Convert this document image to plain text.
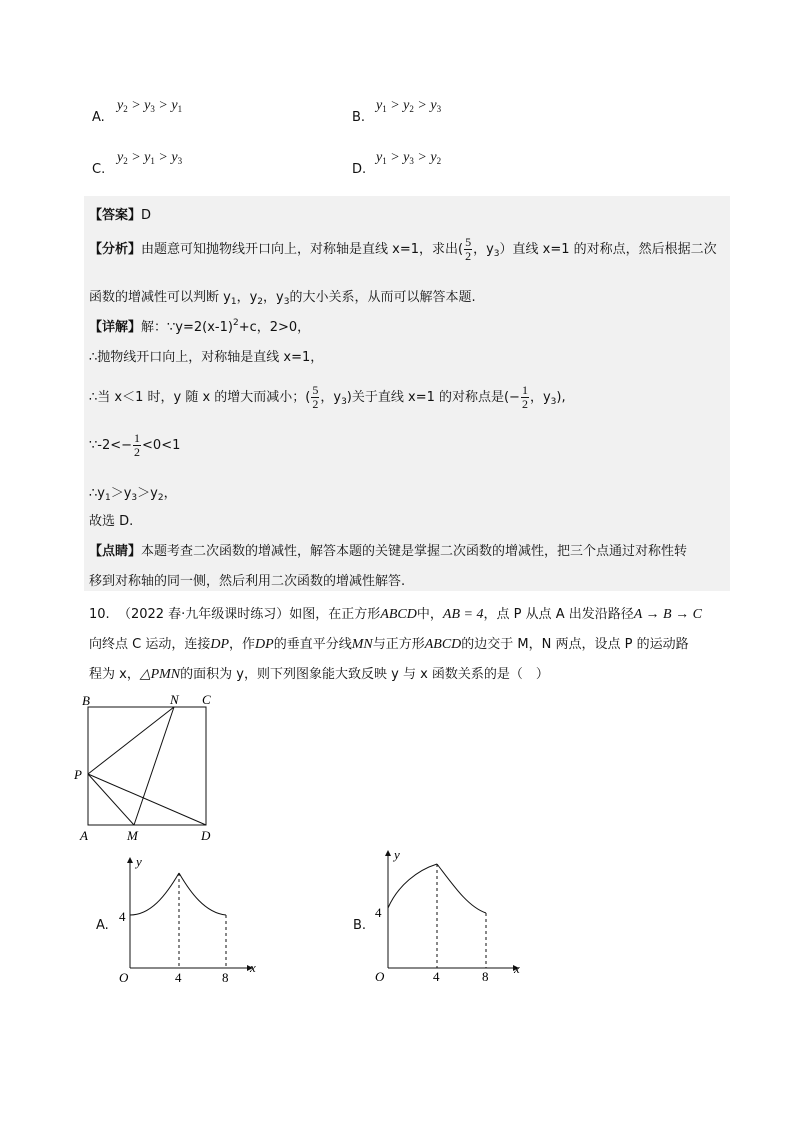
A.
$y_2 > y_3 > y_1$
B.
$y_1 > y_2 > y_3$
C.
$y_2 > y_1 > y_3$
D.
$y_1 > y_3 > y_2$
【答案】D
【分析】由题意可知抛物线开口向上，对称轴是直线 x=1，求出( $\frac{5}{2}$ ，$y_3$）直线 x=1 的对称点，然后根据二次
函数的增减性可以判断 $y_1$，$y_2$，$y_3$的大小关系，从而可以解答本题.
【详解】解：$\because y=2(x-1)^2+c$，2>0，
∴抛物线开口向上，对称轴是直线 x=1，
∴当 x＜1 时，y 随 x 的增大而减小；( $\frac{5}{2}$ ，$y_3$)关于直线 x=1 的对称点是(− $\frac{1}{2}$ ，$y_3$),
∵-2<− $\frac{1}{2} <0<1$
$\therefore y_1>y_3>y_2$，
故选 D.
【点睛】本题考查二次函数的增减性，解答本题的关键是掌握二次函数的增减性，把三个点通过对称性转
移到对称轴的同一侧，然后利用二次函数的增减性解答.
10. （2022 春·九年级课时练习）如图，在正方形ABCD中，AB = 4，点 P 从点 A 出发沿路径A → B → C
向终点 C 运动，连接DP，作DP的垂直平分线MN与正方形ABCD的边交于 M，N 两点，设点 P 的运动路
程为 x，△PMN的面积为 y，则下列图象能大致反映 y 与 x 函数关系的是（　）
B	N C
P
A	M	D
A.
y
x
O
4
4	8
B.
y
x
O
4
4	8
